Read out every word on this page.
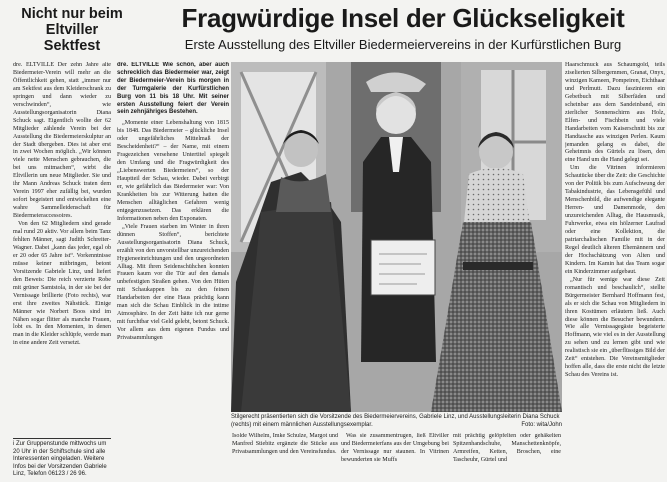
Nicht nur beim Eltviller Sektfest
Fragwürdige Insel der Glückseligkeit
Erste Ausstellung des Eltviller Biedermeiervereins in der Kurfürstlichen Burg

dre. ELTVILLE Der zehn Jahre alte Biedermeier-Verein will mehr an die Öffentlichkeit gehen, statt „immer nur am Sektfest aus dem Kleiderschrank zu springen und dann wieder zu verschwinden“, wie Ausstellungsorganisatorin Diana Schuck sagt. Eigentlich wollte der 62 Mitglieder zählende Verein bei der Ausstellung die Biedermeierskulptur an der Stadt übergeben. Dies ist aber erst in zwei Wochen möglich. „Wir können viele nette Menschen gebrauchen, die bei uns mitmachen“, wirbt die Eltvillerin um neue Mitglieder. Sie und ihr Mann Andreas Schuck traten dem Verein 1997 eher zufällig bei, wurden sofort begeistert und entwickelten eine wahre Sammelleidenschaft für Biedermeieraccessoires.

Von den 62 Mitgliedern sind gerade mal rund 20 aktiv. Vor allem beim Tanz fehlten Männer, sagt Judith Schreiter-Wagner. Dabei „kann das jeder, egal ob er 20 oder 65 Jahre ist“. Vorkenntnisse müsse keiner mitbringen, betont Vorsitzende Gabriele Linz, und liefert den Beweis: Die reich verzierte Robe mit grüner Samtstola, in der sie bei der Vernissage brillierte (Foto rechts), war erst ihre zweites Nähstück. Einige Männer wie Norbert Boos sind im Nähen sogar flitter als manche Frauen, lobt es. In den Momenten, in denen man in die Kleider schlüpfe, werde man in eine andere Zeit versetzt.

i Zur Gruppenstunde mittwochs um 20 Uhr in der Schiftschule sind alle Interessenten eingeladen. Weitere Infos bei der Vorsitzenden Gabriele Linz, Telefon 06123 / 26 96.

dre. ELTVILLE Wie schön, aber auch schrecklich das Biedermeier war, zeigt der Biedermeier-Verein bis morgen in der Turmgalerie der Kurfürstlichen Burg von 11 bis 18 Uhr. Mit seiner ersten Ausstellung feiert der Verein sein zehnjähriges Bestehen.

„Momente einer Lebenshaltung von 1815 bis 1848. Das Biedermeier – glückliche Insel oder ungefährliches Mittelmaß der Bescheidenheit?“ – der Name, mit einem Fragezeichen versehene Untertitel spiegelt den Umfang und die Fragwürdigkeit des „Liebenswerten Biedermeiers“, so der Hauptteil der Schau, wieder. Dabei verbirgt er, wie gefährlich das Biedermeier war: Von Krankheiten bis zur Witterung hatten die Menschen alltäglichen Gefahren wenig entgegenzusetzen. Das erklären die Informationen neben den Exponaten.

„Viele Frauen starben im Winter in ihren dünnen Stoffen“, berichtete Ausstellungsorganisatorin Diana Schuck, erzählt von den unvorstellbar unzureichenden Hygieneeinrichtungen und den ungeordneten Alltag. Mit ihren Seidenschühchen konnten Frauen kaum vor die Tür auf den damals unbefestigten Straßen gehen. Von den Hüten mit Schaukappen bis zu den feinen Handarbeiten der eine Haus prächtig kann man sich die Schau Einblick in die intime Atmosphäre. In der Zeit hätte ich nur gerne mit furchtbar viel Geld gelebt, betont Schuck. Vor allem aus dem eigenen Fundus und Privatsammlungen

Stilgerecht präsentierten sich die Vorsitzende des Biedermeiervereins, Gabriele Linz, und Ausstellungsleiterin Diana Schuck (rechts) mit einem männlichen Ausstellungsexemplar.	Foto: wita/John

Isolde Wilhelm, Imke Schulze, Margot und Manfred Stiebitz ergänzte die Stücke aus Privatsammlungen und den Vereinsfundus.

Was sie zusammentrugen, ließ Eltviller und Biedermeierfans aus der Umgebung bei der Vernissage nur staunen. In Vitrinen bewunderten sie Muffs

mit prächtig gelöpfelten oder gehäkelten Spitzenhandschuhe, Manschettenknöpfe, Armreifen, Ketten, Broschen, eine Tascheuhr, Gürtel und

Haarschmuck aus Schaumgold, teils ziselierten Silbergemmen, Granat, Onyx, winzigen Kameen, Pompeiren, Eichthaar und Perlmutt. Dazu faszinieren ein Gebetbuch mit Silberfäden und scheinbar aus dem Sandeinband, ein zierlicher Sonnenschirm aus Holz, Elfen- und Fischbein und viele Handarbeiten vom Kaiserschnitt bis zur Handtasche aus winzigen Perlen. Kaum jemanden gelang es dabei, die Geheimnis des Gürtels zu lösen, den eine Hand um die Hand gelegt sei.

Um die Vitrinen informieren Schautücke über die Zeit: die Geschichte von der Politik bis zum Aufschwung der Tabakindustrie, das Lebensgefühl und Menschenbild, die aufwendige elegante Herren- und Damenmode, den unzureichenden Alltag, die Hausmusik, Fuhrwerke, etwa ein hölzerner Laufrad oder eine Kollektion, die patriarchalischen Familie mit in der Regel deutlich älteren Ehemännern und der Hochschätzung von Alten und Kindern. Im Kamin hat das Team sogar ein Kinderzimmer aufgebaut.

„Nur für wenige war diese Zeit romantisch und beschaulich“, stellte Bürgermeister Bernhard Hoffmann fest, als er sich die Schau von Mitgliedern in ihren Kostümen erläutern ließ. Auch diese können die Besucher bewundern. Wie alle Vernissagegäste begeisterte Hoffmann, wie viel es in der Ausstellung zu sehen und zu lernen gibt und wie realistisch sie ein „überflüssiges Bild der Zeit“ entstehen. Die Vereinsmitglieder hoffen alle, dass die erste nicht die letzte Schau des Vereins ist.
